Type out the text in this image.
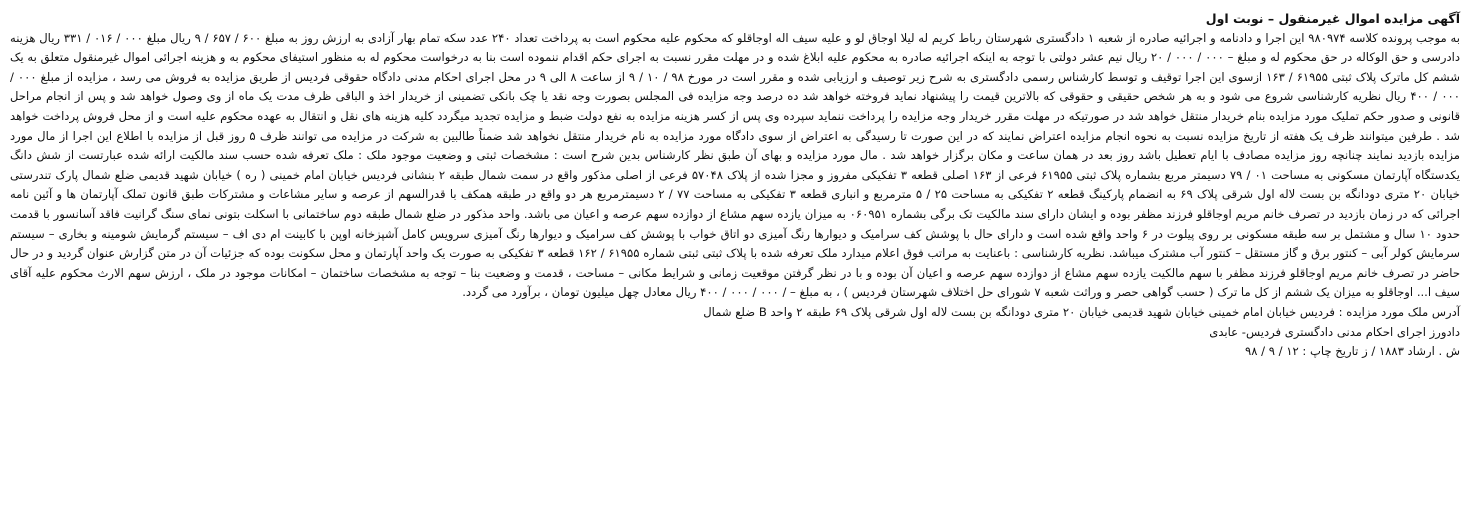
آگهی مزایده اموال غیرمنقول – نوبت اول

به موجب پرونده کلاسه ۹۸۰۹۷۴ این اجرا و دادنامه و اجرائیه صادره از شعبه ۱ دادگستری شهرستان رباط کریم له لیلا اوجاق لو و علیه سیف اله اوجاقلو که محکوم علیه محکوم است به پرداخت تعداد ۲۴۰ عدد سکه تمام بهار آزادی به ارزش روز به مبلغ ۶۰۰ / ۶۵۷ / ۹ ریال مبلغ ۰۰۰ / ۰۱۶ / ۳۳۱ ریال هزینه دادرسی و حق الوکاله در حق محکوم له و مبلغ – ۰۰۰ / ۰۰۰ / ۲۰ ریال نیم عشر دولتی با توجه به اینکه اجرائیه صادره به محکوم علیه ابلاغ شده و در مهلت مقرر نسبت به اجرای حکم اقدام ننموده است بنا به درخواست محکوم له به منظور استیفای محکوم به و هزینه اجرائی اموال غیرمنقول متعلق به یک ششم کل ماترک پلاک ثبتی ۶۱۹۵۵ / ۱۶۳ ازسوی این اجرا توقیف و توسط کارشناس رسمی دادگستری به شرح زیر توصیف و ارزیابی شده و مقرر است در مورخ ۹۸ / ۱۰ / ۹ از ساعت ۸ الی ۹ در محل اجرای احکام مدنی دادگاه حقوقی فردیس از طریق مزایده به فروش می رسد ، مزایده از مبلغ ۰۰۰ / ۰۰۰ / ۴۰۰ ریال نظریه کارشناسی شروع می شود و به هر شخص حقیقی و حقوقی که بالاترین قیمت را پیشنهاد نماید فروخته خواهد شد ده درصد وجه مزایده فی المجلس بصورت وجه نقد یا چک بانکی تضمینی از خریدار اخذ و الباقی ظرف مدت یک ماه از وی وصول خواهد شد و پس از انجام مراحل قانونی و صدور حکم تملیک مورد مزایده بنام خریدار منتقل خواهد شد در صورتیکه در مهلت مقرر خریدار وجه مزایده را پرداخت ننماید سپرده وی پس از کسر هزینه مزایده به نفع دولت ضبط و مزایده تجدید میگردد کلیه هزینه های نقل و انتقال به عهده محکوم علیه است و از محل فروش پرداخت خواهد شد . طرفین میتوانند ظرف یک هفته از تاریخ مزایده نسبت به نحوه انجام مزایده اعتراض نمایند که در این صورت تا رسیدگی به اعتراض از سوی دادگاه مورد مزایده به نام خریدار منتقل نخواهد شد ضمناً طالبین به شرکت در مزایده می توانند ظرف ۵ روز قبل از مزایده با اطلاع این اجرا از مال مورد مزایده بازدید نمایند چنانچه روز مزایده مصادف با ایام تعطیل باشد روز بعد در همان ساعت و مکان برگزار خواهد شد . مال مورد مزایده و بهای آن طبق نظر کارشناس بدین شرح است : مشخصات ثبتی و وضعیت موجود ملک : ملک تعرفه شده حسب سند مالکیت ارائه شده عبارتست از شش دانگ یکدستگاه آپارتمان مسکونی به مساحت ۰۱ / ۷۹ دسیمتر مربع بشماره پلاک ثبتی ۶۱۹۵۵ فرعی از ۱۶۳ اصلی قطعه ۳ تفکیکی مفروز و مجزا شده از پلاک ۵۷۰۴۸ فرعی از اصلی مذکور واقع در سمت شمال طبقه ۲ بنشانی فردیس خیابان امام خمینی ( ره ) خیابان شهید قدیمی ضلع شمال پارک تندرستی خیابان ۲۰ متری دودانگه بن بست لاله اول شرقی پلاک ۶۹ به انضمام پارکینگ قطعه ۲ تفکیکی به مساحت ۲۵ / ۵ مترمربع و انباری قطعه ۳ تفکیکی به مساحت ۷۷ / ۲ دسیمترمربع هر دو واقع در طبقه همکف با قدرالسهم از عرصه و سایر مشاعات و مشترکات طبق قانون تملک آپارتمان ها و آئین نامه اجرائی که در زمان بازدید در تصرف خانم مریم اوجاقلو فرزند مظفر بوده و ایشان دارای سند مالکیت تک برگی بشماره ۰۶۰۹۵۱ به میزان یازده سهم مشاع از دوازده سهم عرصه و اعیان می باشد. واحد مذکور در ضلع شمال طبقه دوم ساختمانی با اسکلت بتونی نمای سنگ گرانیت فاقد آسانسور با قدمت حدود ۱۰ سال و مشتمل بر سه طبقه مسکونی بر روی پیلوت در ۶ واحد واقع شده است و دارای حال با پوشش کف سرامیک و دیوارها رنگ آمیزی دو اتاق خواب با پوشش کف سرامیک و دیوارها رنگ آمیزی سرویس کامل آشپزخانه اوپن با کابینت ام دی اف – سیستم گرمایش شومینه و بخاری – سیستم سرمایش کولر آبی – کنتور برق و گاز مستقل – کنتور آب مشترک میباشد. نظریه کارشناسی : باعنایت به مراتب فوق اعلام میدارد ملک تعرفه شده با پلاک ثبتی ثبتی شماره ۶۱۹۵۵ / ۱۶۲ قطعه ۳ تفکیکی به صورت یک واحد آپارتمان و محل سکونت بوده که جزئیات آن در متن گزارش عنوان گردید و در حال حاضر در تصرف خانم مریم اوجاقلو فرزند مظفر با سهم مالکیت یازده سهم مشاع از دوازده سهم عرصه و اعیان آن بوده و با در نظر گرفتن موقعیت زمانی و شرایط مکانی – مساحت ، قدمت و وضعیت بنا – توجه به مشخصات ساختمان – امکانات موجود در ملک ، ارزش سهم الارث محکوم علیه آقای سیف ا... اوجاقلو به میزان یک ششم از کل ما ترک ( حسب گواهی حصر و وراثت شعبه ۷ شورای حل اختلاف شهرستان فردیس ) ، به مبلغ – / ۰۰۰ / ۰۰۰ / ۴۰۰ ریال معادل چهل میلیون تومان ، برآورد می گردد.

آدرس ملک مورد مزایده : فردیس خیابان امام خمینی خیابان شهید قدیمی خیابان ۲۰ متری دودانگه بن بست لاله اول شرقی پلاک ۶۹ طبقه ۲ واحد B ضلع شمال

دادورز اجرای احکام مدنی دادگستری فردیس- عابدی

ش . ارشاد ۱۸۸۳ / ز تاریخ چاپ : ۱۲ / ۹ / ۹۸
